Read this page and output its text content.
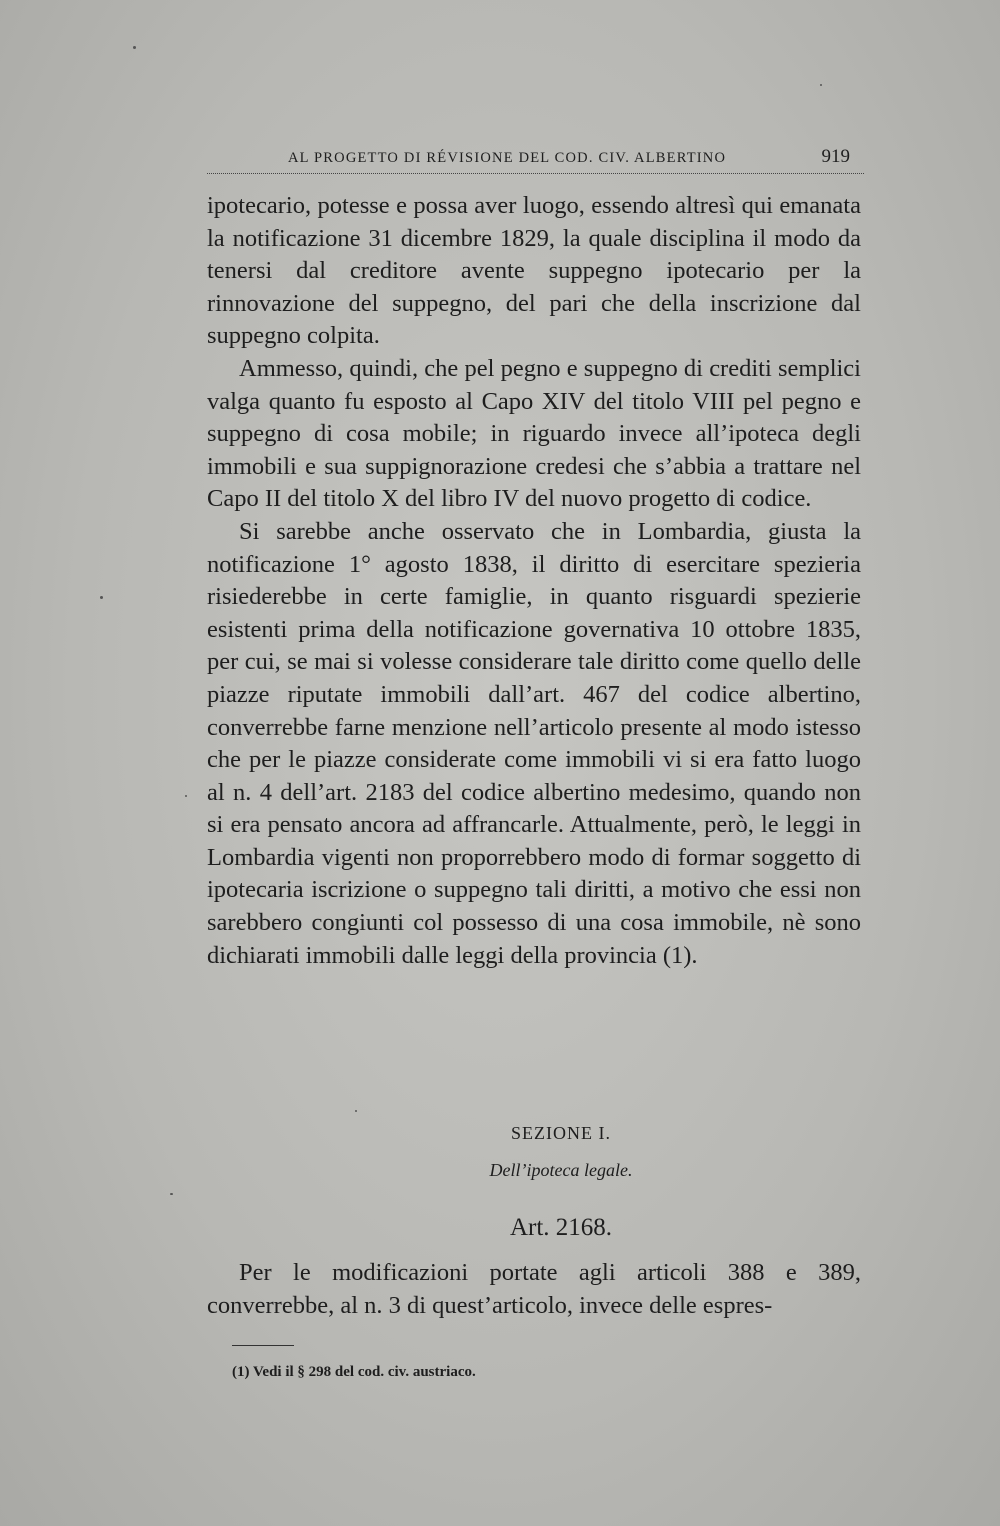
AL PROGETTO DI RÉVISIONE DEL COD. CIV. ALBERTINO	919

ipotecario, potesse e possa aver luogo, essendo altresì qui emanata la notificazione 31 dicembre 1829, la quale disciplina il modo da tenersi dal creditore avente suppegno ipotecario per la rinnovazione del suppegno, del pari che della inscrizione dal suppegno colpita.

Ammesso, quindi, che pel pegno e suppegno di crediti semplici valga quanto fu esposto al Capo XIV del titolo VIII pel pegno e suppegno di cosa mobile; in riguardo invece all’ipoteca degli immobili e sua suppignorazione credesi che s’abbia a trattare nel Capo II del titolo X del libro IV del nuovo progetto di codice.

Si sarebbe anche osservato che in Lombardia, giusta la notificazione 1° agosto 1838, il diritto di esercitare spezieria risiederebbe in certe famiglie, in quanto risguardi spezierie esistenti prima della notificazione governativa 10 ottobre 1835, per cui, se mai si volesse considerare tale diritto come quello delle piazze riputate immobili dall’art. 467 del codice albertino, converrebbe farne menzione nell’articolo presente al modo istesso che per le piazze considerate come immobili vi si era fatto luogo al n. 4 dell’art. 2183 del codice albertino medesimo, quando non si era pensato ancora ad affrancarle. Attualmente, però, le leggi in Lombardia vigenti non proporrebbero modo di formar soggetto di ipotecaria iscrizione o suppegno tali diritti, a motivo che essi non sarebbero congiunti col possesso di una cosa immobile, nè sono dichiarati immobili dalle leggi della provincia (1).

SEZIONE I.
Dell’ipoteca legale.
Art. 2168.

Per le modificazioni portate agli articoli 388 e 389, converrebbe, al n. 3 di quest’articolo, invece delle espres-

(1) Vedi il § 298 del cod. civ. austriaco.
